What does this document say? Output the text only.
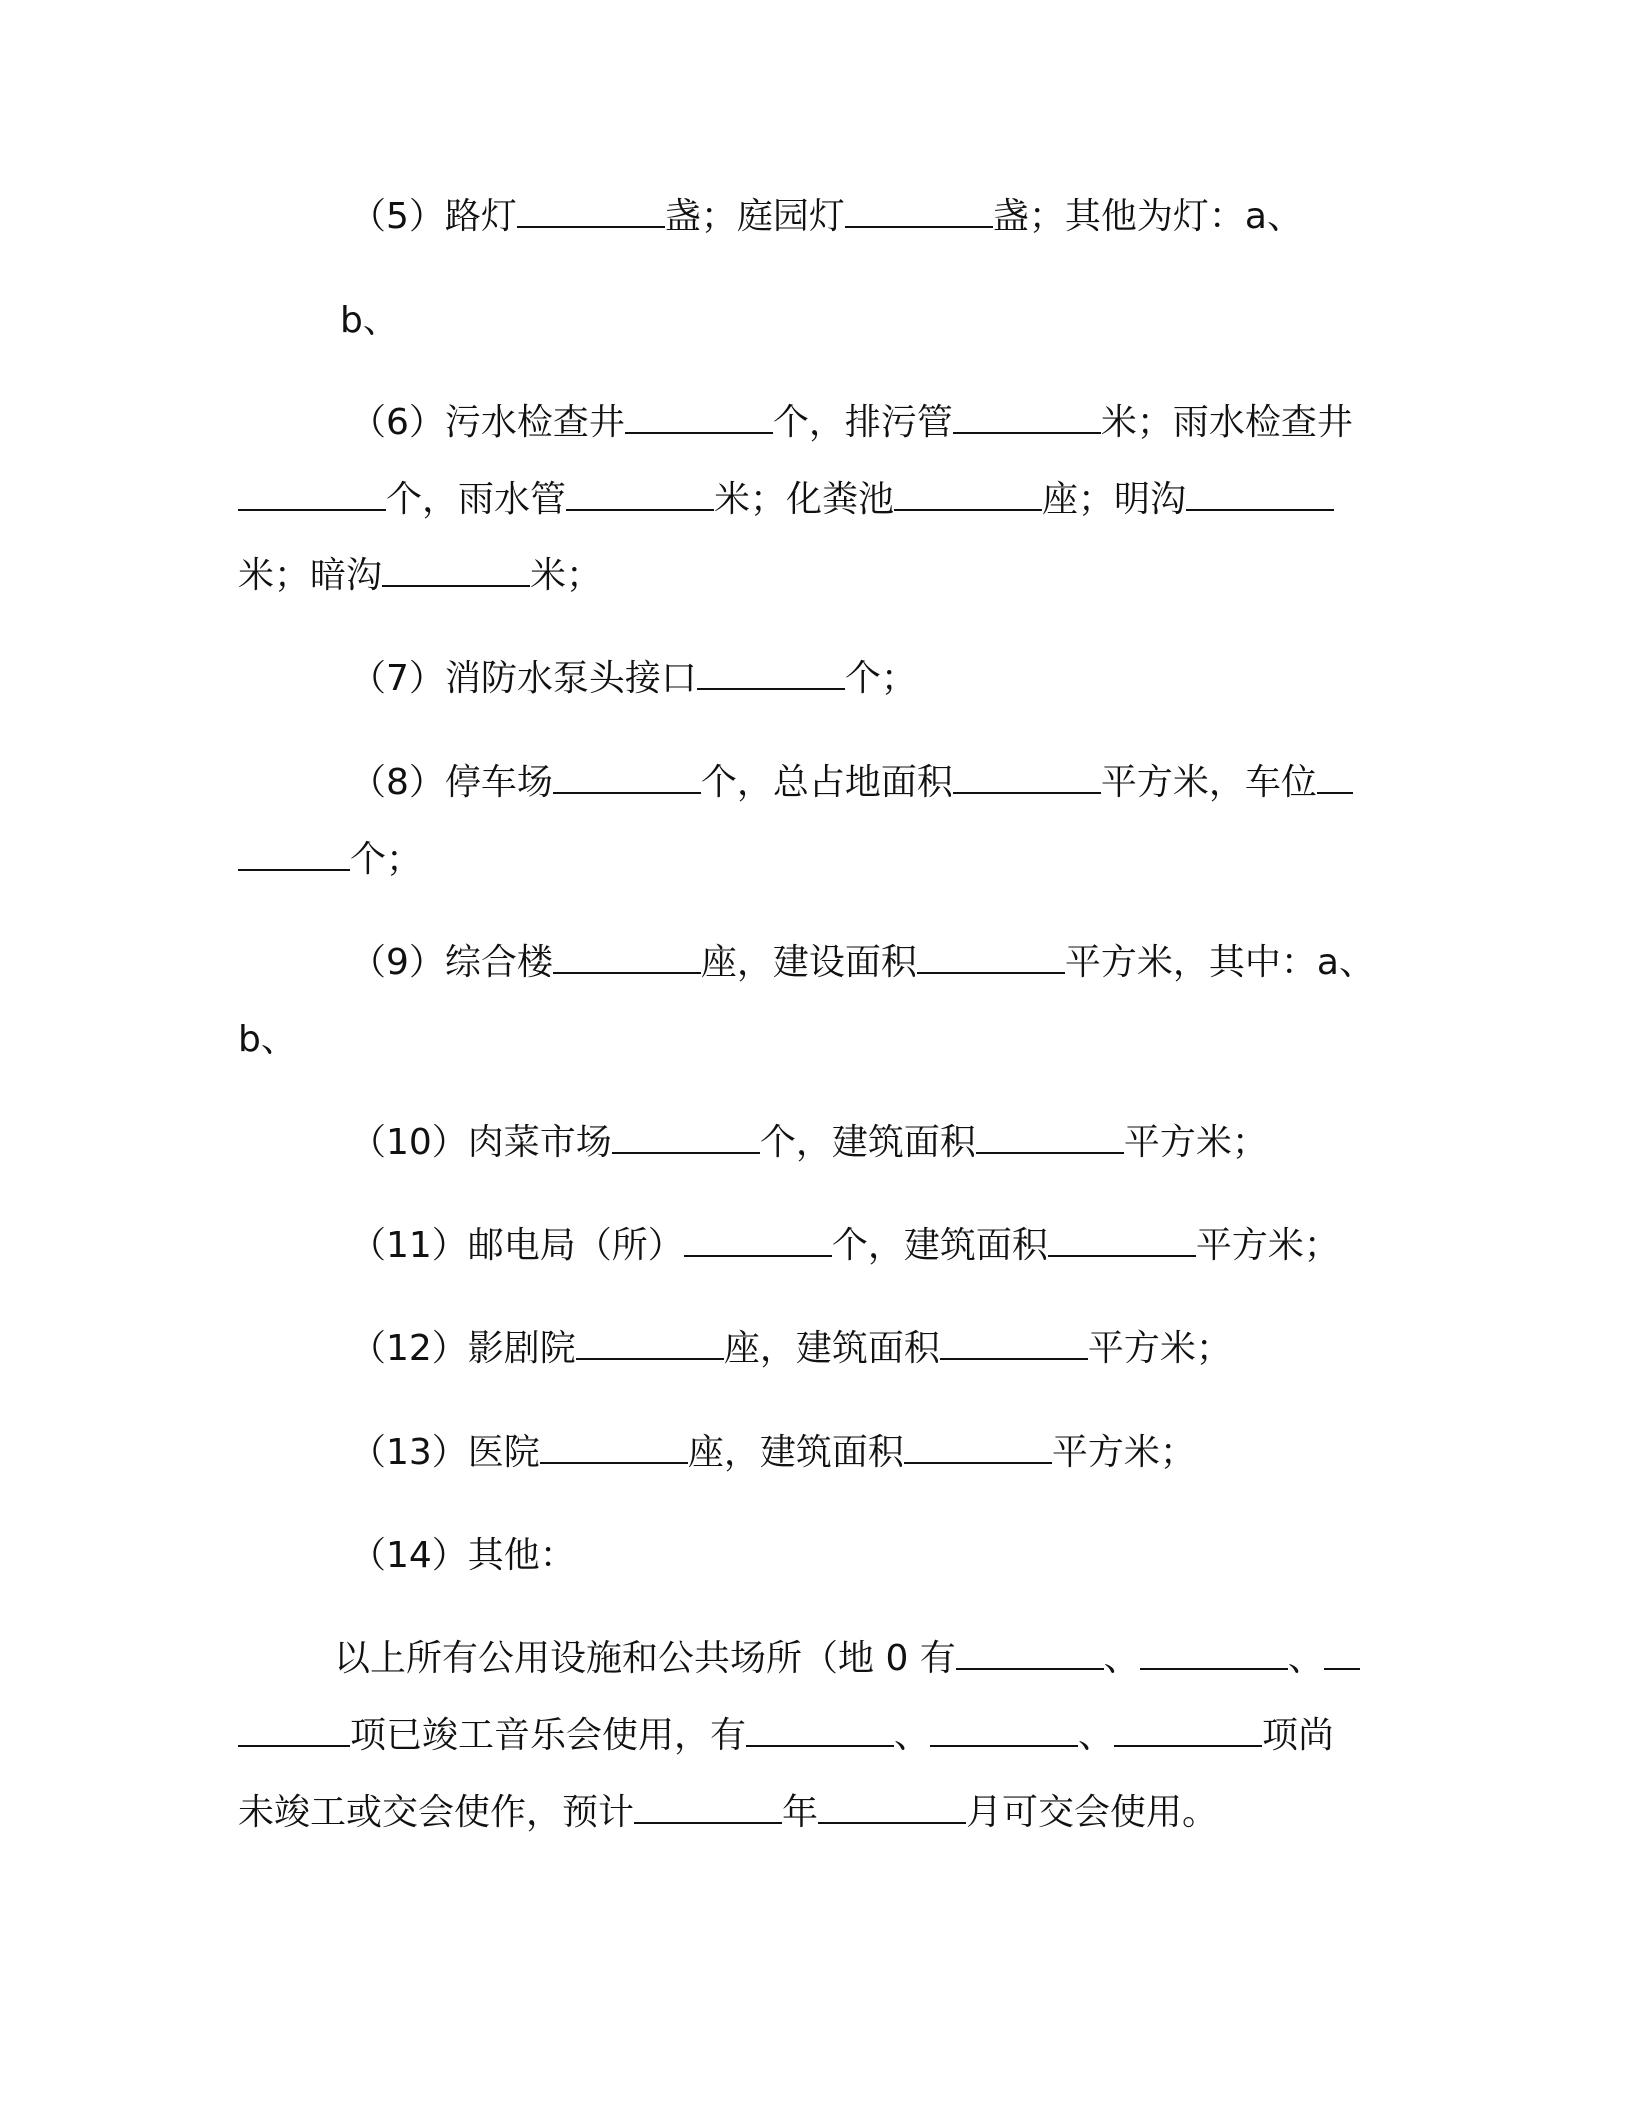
（5）路灯	盏；庭园灯	盏；其他为灯：a、
b、
（6）污水检查井	个，排污管	米；雨水检查井
个，雨水管	米；化粪池	座；明沟
米；暗沟	米；
（7）消防水泵头接口	个；
（8）停车场	个，总占地面积	平方米，车位
个；
（9）综合楼	座，建设面积	平方米，其中：a、
b、
（10）肉菜市场	个，建筑面积	平方米；
（11）邮电局（所）	个，建筑面积	平方米；
（12）影剧院	座，建筑面积	平方米；
（13）医院	座，建筑面积	平方米；
（14）其他：
以上所有公用设施和公共场所（地 0 有	、	、
项已竣工音乐会使用，有	、	、	项尚
未竣工或交会使作，预计	年	月可交会使用。
